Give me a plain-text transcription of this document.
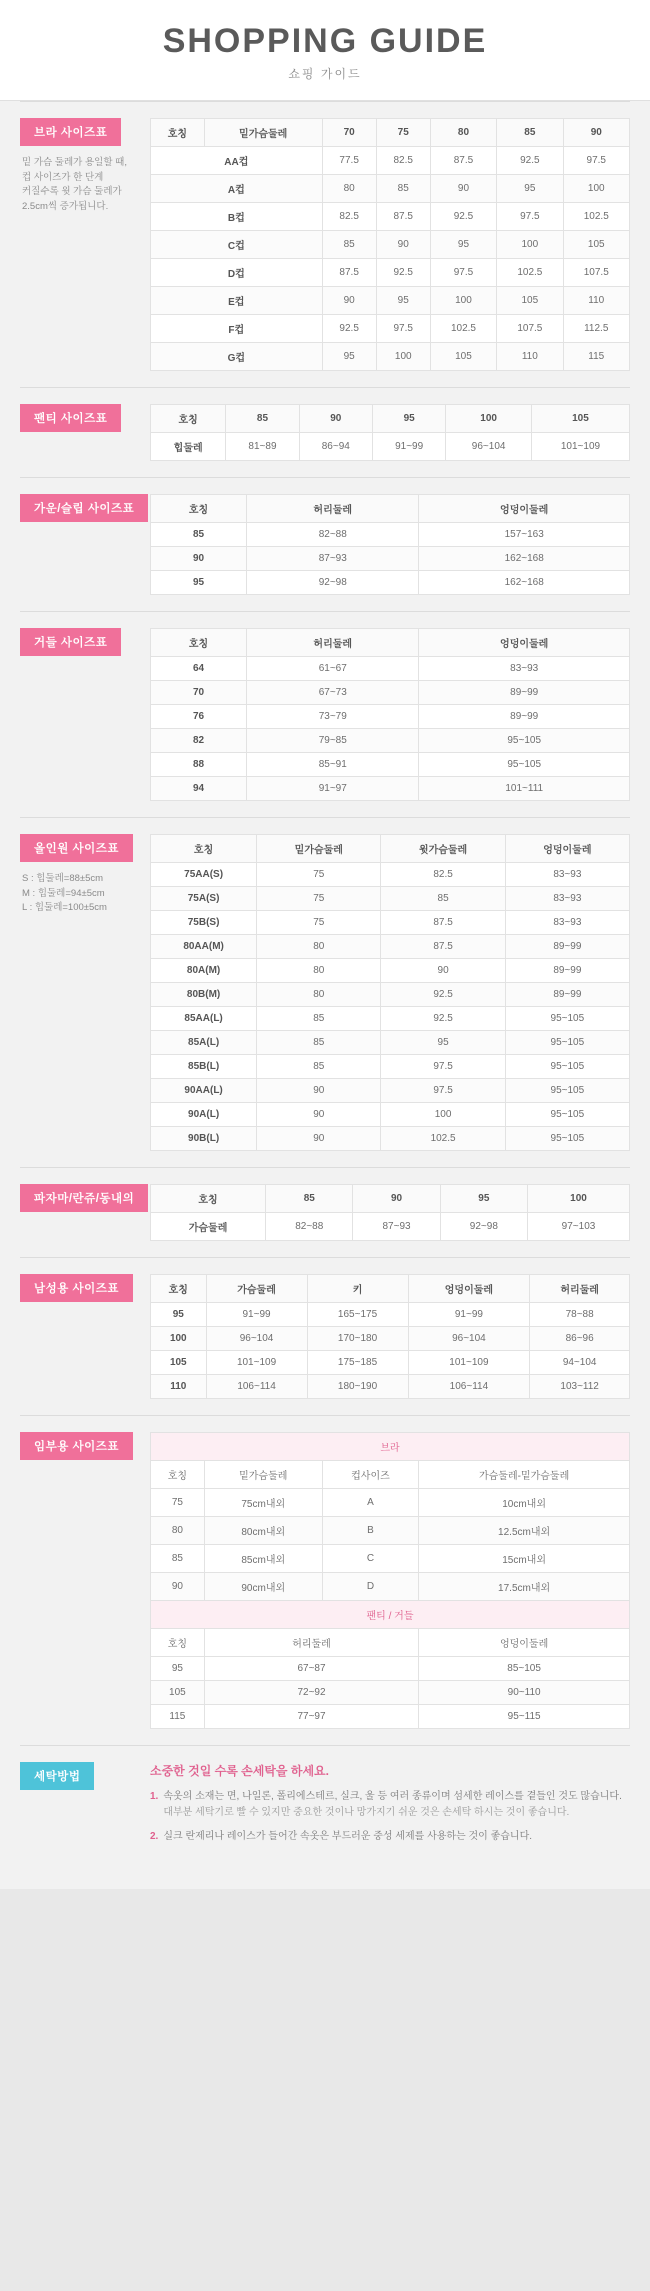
SHOPPING GUIDE
쇼핑 가이드
브라 사이즈표
밑 가슴 둘레가 용일할 때,
컵 사이즈가 한 단계
커질수록 윗 가슴 둘레가
2.5cm씩 증가됩니다.
호칭	밑가슴둘레	70	75	80	85	90
AA컵		77.5	82.5	87.5	92.5	97.5
A컵		80	85	90	95	100
B컵		82.5	87.5	92.5	97.5	102.5
C컵		85	90	95	100	105
D컵		87.5	92.5	97.5	102.5	107.5
E컵		90	95	100	105	110
F컵		92.5	97.5	102.5	107.5	112.5
G컵		95	100	105	110	115
팬티 사이즈표	호칭	85	90	95	100	105
힙둘레	81~89	86~94	91~99	96~104	101~109
가운/슬립 사이즈표	호칭	허리둘레	엉덩이둘레
85	82~88	157~163
90	87~93	162~168
95	92~98	162~168
거들 사이즈표	호칭	허리둘레	엉덩이둘레
64	61~67	83~93
70	67~73	89~99
76	73~79	89~99
82	79~85	95~105
88	85~91	95~105
94	91~97	101~111
올인원 사이즈표
S : 힙둘레=88±5cm
M : 힙둘레=94±5cm
L : 힙둘레=100±5cm
호칭	밑가슴둘레	윗가슴둘레	엉덩이둘레
75AA(S)	75	82.5	83~93
75A(S)	75	85	83~93
75B(S)	75	87.5	83~93
80AA(M)	80	87.5	89~99
80A(M)	80	90	89~99
80B(M)	80	92.5	89~99
85AA(L)	85	92.5	95~105
85A(L)	85	95	95~105
85B(L)	85	97.5	95~105
90AA(L)	90	97.5	95~105
90A(L)	90	100	95~105
90B(L)	90	102.5	95~105
파자마/란쥬/동내의	호칭	85	90	95	100
가슴둘레	82~88	87~93	92~98	97~103
남성용 사이즈표	호칭	가슴둘레	키	엉덩이둘레	허리둘레
95	91~99	165~175	91~99	78~88
100	96~104	170~180	96~104	86~96
105	101~109	175~185	101~109	94~104
110	106~114	180~190	106~114	103~112
임부용 사이즈표	브라			
호칭	밑가슴둘레	컵사이즈	가슴둘레-밑가슴둘레
75	75cm내외	A	10cm내외
80	80cm내외	B	12.5cm내외
85	85cm내외	C	15cm내외
90	90cm내외	D	17.5cm내외
팬티 / 거들			
호칭	허리둘레		엉덩이둘레
95	67~87		85~105
105	72~92		90~110
115	77~97		95~115
세탁방법	소중한 것일 수록 손세탁을 하세요.
1. 속옷의 소재는 면, 나일론, 폴리에스테르, 실크, 울 등 여러 종류이며 섬세한 레이스를 곁들인 것도 많습니다.
대부분 세탁기로 빨 수 있지만 중요한 것이나 망가지기 쉬운 것은 손세탁 하시는 것이 좋습니다.
2. 실크 란제리나 레이스가 들어간 속옷은 부드러운 중성 세제를 사용하는 것이 좋습니다.
